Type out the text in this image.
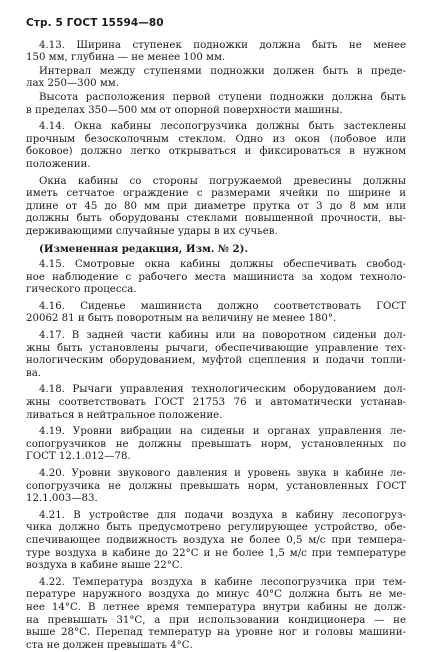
Стр. 5 ГОСТ 15594—80
4.13. Ширина ступенек подножки должна быть не менее
150 мм, глубина — не менее 100 мм.
Интервал между ступенями подножки должен быть в преде-
лах 250—300 мм.
Высота расположения первой ступени подножки должна быть
в пределах 350—500 мм от опорной поверхности машины.
4.14. Окна кабины лесопогрузчика должны быть застеклены
прочным безосколочным стеклом. Одно из окон (лобовое или
боковое) должно легко открываться и фиксироваться в нужном
положении.
Окна кабины со стороны погружаемой древесины должны
иметь сетчатое ограждение с размерами ячейки по ширине и
длине от 45 до 80 мм при диаметре прутка от 3 до 8 мм или
должны быть оборудованы стеклами повышенной прочности, вы-
держивающими случайные удары в их сучьев.
(Измененная редакция, Изм. № 2).
4.15. Смотровые окна кабины должны обеспечивать свобод-
ное наблюдение с рабочего места машиниста за ходом техноло-
гического процесса.
4.16. Сиденье машиниста должно соответствовать ГОСТ
20062 81 и быть поворотным на величину не менее 180°.
4.17. В задней части кабины или на поворотном сиденьи дол-
жны быть установлены рычаги, обеспечивающие управление тех-
нологическим оборудованием, муфтой сцепления и подачи топли-
ва.
4.18. Рычаги управления технологическим оборудованием дол-
жны соответствовать ГОСТ 21753 76 и автоматически устанав-
ливаться в нейтральное положение.
4.19. Уровни вибрации на сиденьи и органах управления ле-
сопогрузчиков не должны превышать норм, установленных по
ГОСТ 12.1.012—78.
4.20. Уровни звукового давления и уровень звука в кабине ле-
сопогрузчика не должны превышать норм, установленных ГОСТ
12.1.003—83.
4.21. В устройстве для подачи воздуха в кабину лесопогруз-
чика должно быть предусмотрено регулирующее устройство, обе-
спечивающее подвижность воздуха не более 0,5 м/с при темпера-
туре воздуха в кабине до 22°С и не более 1,5 м/с при температуре
воздуха в кабине выше 22°С.
4.22. Температура воздуха в кабине лесопогрузчика при тем-
пературе наружного воздуха до минус 40°С должна быть не ме-
нее 14°С. В летнее время температура внутри кабины не долж-
на превышать 31°С, а при использовании кондиционера — не
выше 28°С. Перепад температур на уровне ног и головы машини-
ста не должен превышать 4°С.
